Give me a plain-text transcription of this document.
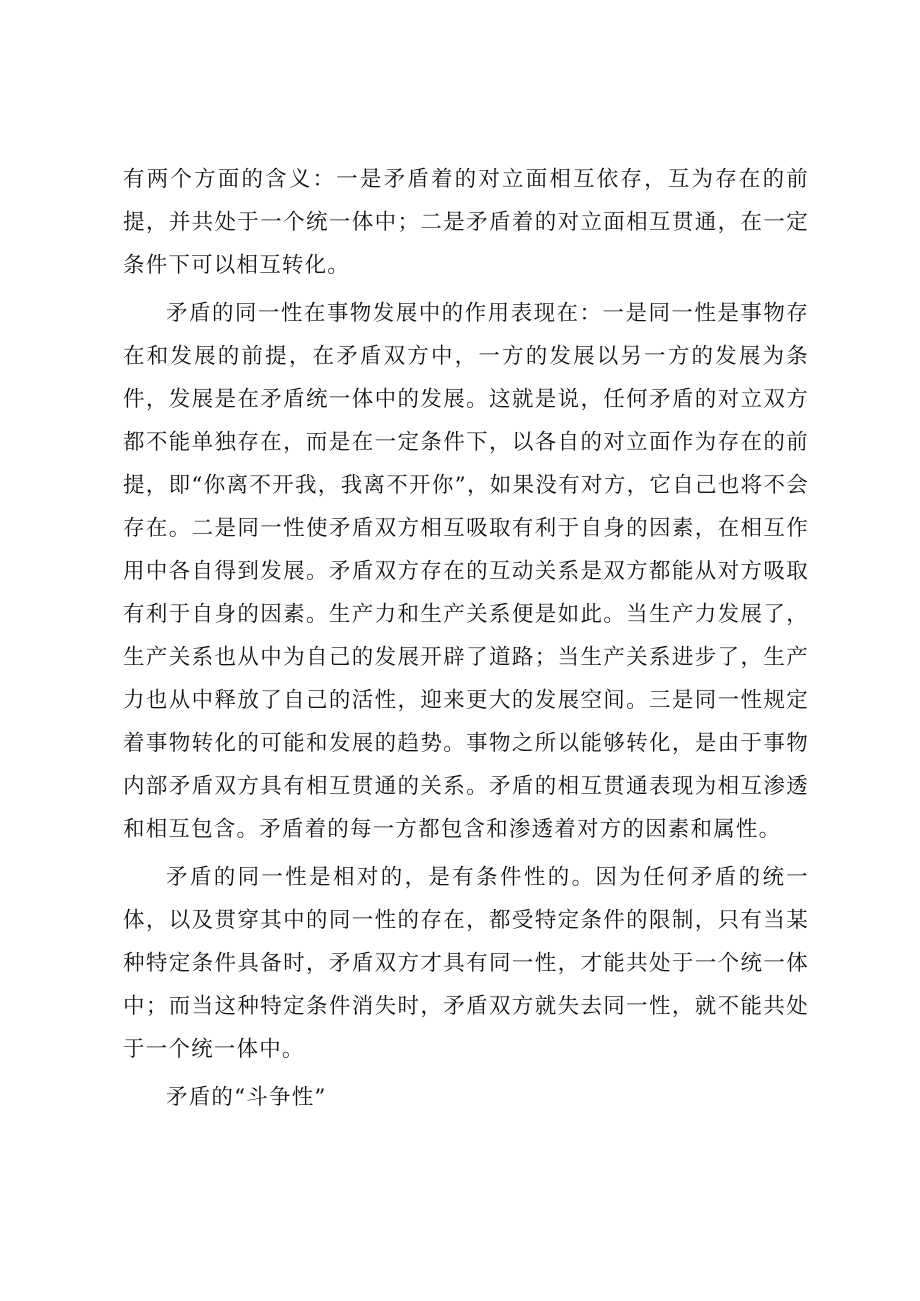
有两个方面的含义：一是矛盾着的对立面相互依存，互为存在的前提，并共处于一个统一体中；二是矛盾着的对立面相互贯通，在一定条件下可以相互转化。

矛盾的同一性在事物发展中的作用表现在：一是同一性是事物存在和发展的前提，在矛盾双方中，一方的发展以另一方的发展为条件，发展是在矛盾统一体中的发展。这就是说，任何矛盾的对立双方都不能单独存在，而是在一定条件下，以各自的对立面作为存在的前提，即“你离不开我，我离不开你”，如果没有对方，它自己也将不会存在。二是同一性使矛盾双方相互吸取有利于自身的因素，在相互作用中各自得到发展。矛盾双方存在的互动关系是双方都能从对方吸取有利于自身的因素。生产力和生产关系便是如此。当生产力发展了，生产关系也从中为自己的发展开辟了道路；当生产关系进步了，生产力也从中释放了自己的活性，迎来更大的发展空间。三是同一性规定着事物转化的可能和发展的趋势。事物之所以能够转化，是由于事物内部矛盾双方具有相互贯通的关系。矛盾的相互贯通表现为相互渗透和相互包含。矛盾着的每一方都包含和渗透着对方的因素和属性。

矛盾的同一性是相对的，是有条件性的。因为任何矛盾的统一体，以及贯穿其中的同一性的存在，都受特定条件的限制，只有当某种特定条件具备时，矛盾双方才具有同一性，才能共处于一个统一体中；而当这种特定条件消失时，矛盾双方就失去同一性，就不能共处于一个统一体中。

矛盾的“斗争性”
